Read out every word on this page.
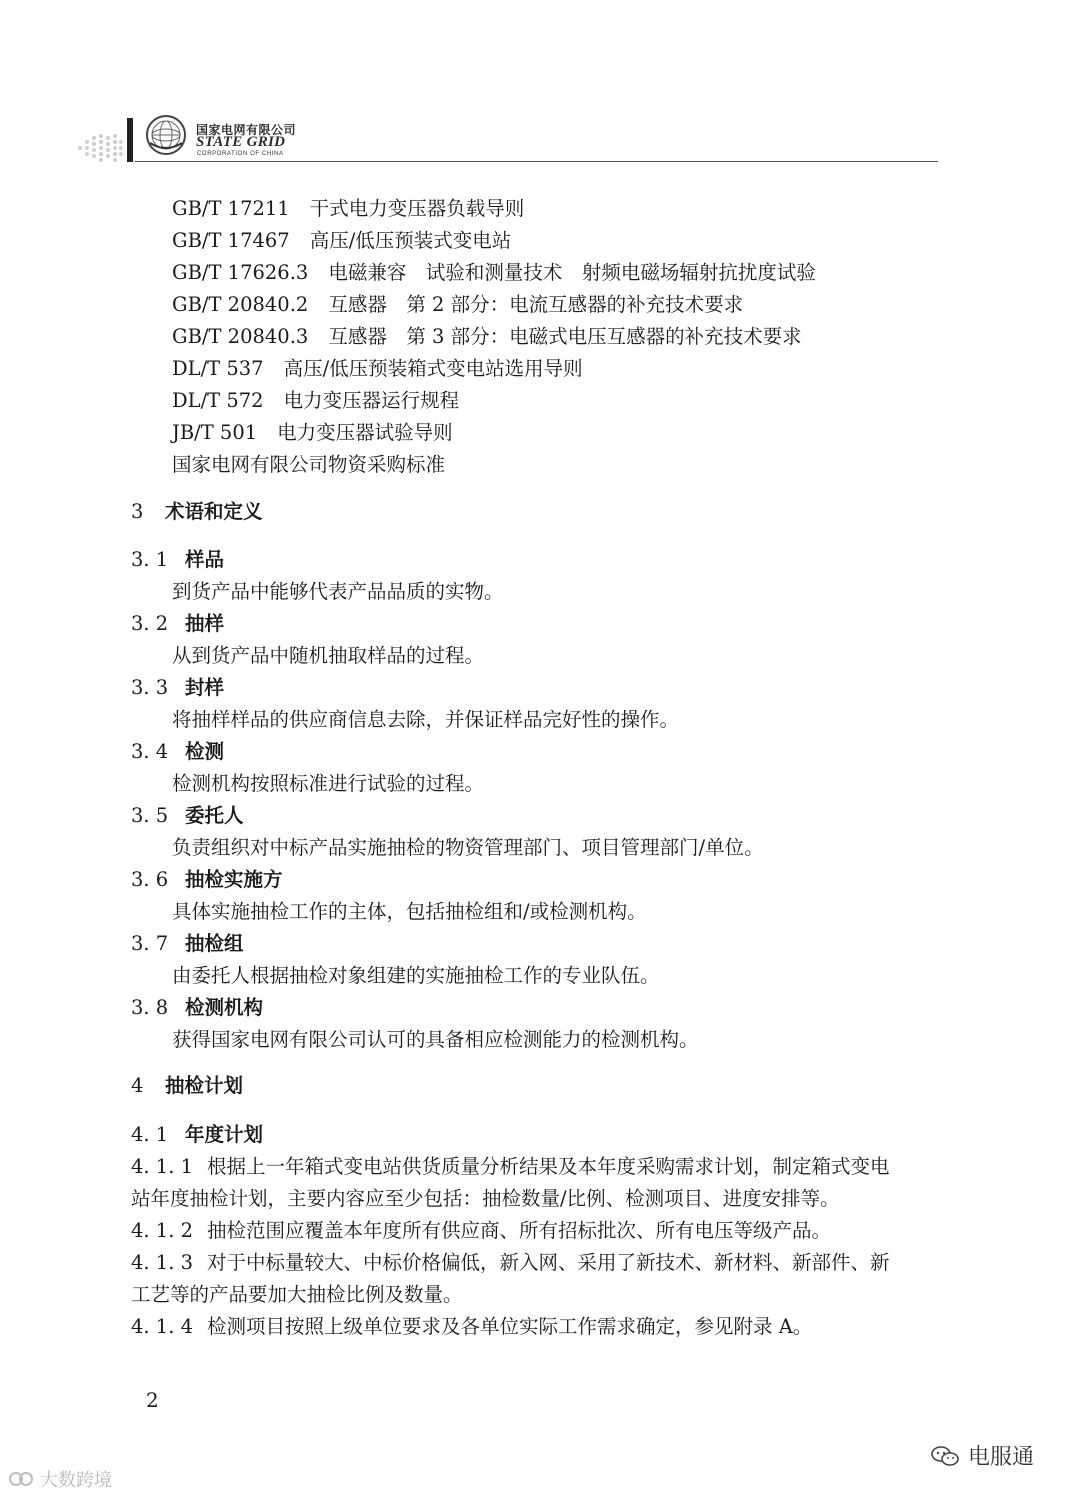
国家电网有限公司
STATE GRID
CORPORATION OF CHINA
GB/T 17211 干式电力变压器负载导则
GB/T 17467 高压/低压预装式变电站
GB/T 17626.3 电磁兼容　试验和测量技术　射频电磁场辐射抗扰度试验
GB/T 20840.2 互感器　第 2 部分：电流互感器的补充技术要求
GB/T 20840.3 互感器　第 3 部分：电磁式电压互感器的补充技术要求
DL/T 537 高压/低压预装箱式变电站选用导则
DL/T 572 电力变压器运行规程
JB/T 501 电力变压器试验导则
国家电网有限公司物资采购标准
3 术语和定义
3. 1 样品
到货产品中能够代表产品品质的实物。
3. 2 抽样
从到货产品中随机抽取样品的过程。
3. 3 封样
将抽样样品的供应商信息去除，并保证样品完好性的操作。
3. 4 检测
检测机构按照标准进行试验的过程。
3. 5 委托人
负责组织对中标产品实施抽检的物资管理部门、项目管理部门/单位。
3. 6 抽检实施方
具体实施抽检工作的主体，包括抽检组和/或检测机构。
3. 7 抽检组
由委托人根据抽检对象组建的实施抽检工作的专业队伍。
3. 8 检测机构
获得国家电网有限公司认可的具备相应检测能力的检测机构。
4 抽检计划
4. 1 年度计划
4. 1. 1 根据上一年箱式变电站供货质量分析结果及本年度采购需求计划，制定箱式变电
站年度抽检计划，主要内容应至少包括：抽检数量/比例、检测项目、进度安排等。
4. 1. 2 抽检范围应覆盖本年度所有供应商、所有招标批次、所有电压等级产品。
4. 1. 3 对于中标量较大、中标价格偏低，新入网、采用了新技术、新材料、新部件、新
工艺等的产品要加大抽检比例及数量。
4. 1. 4 检测项目按照上级单位要求及各单位实际工作需求确定，参见附录 A。
2
大数跨境
电服通
